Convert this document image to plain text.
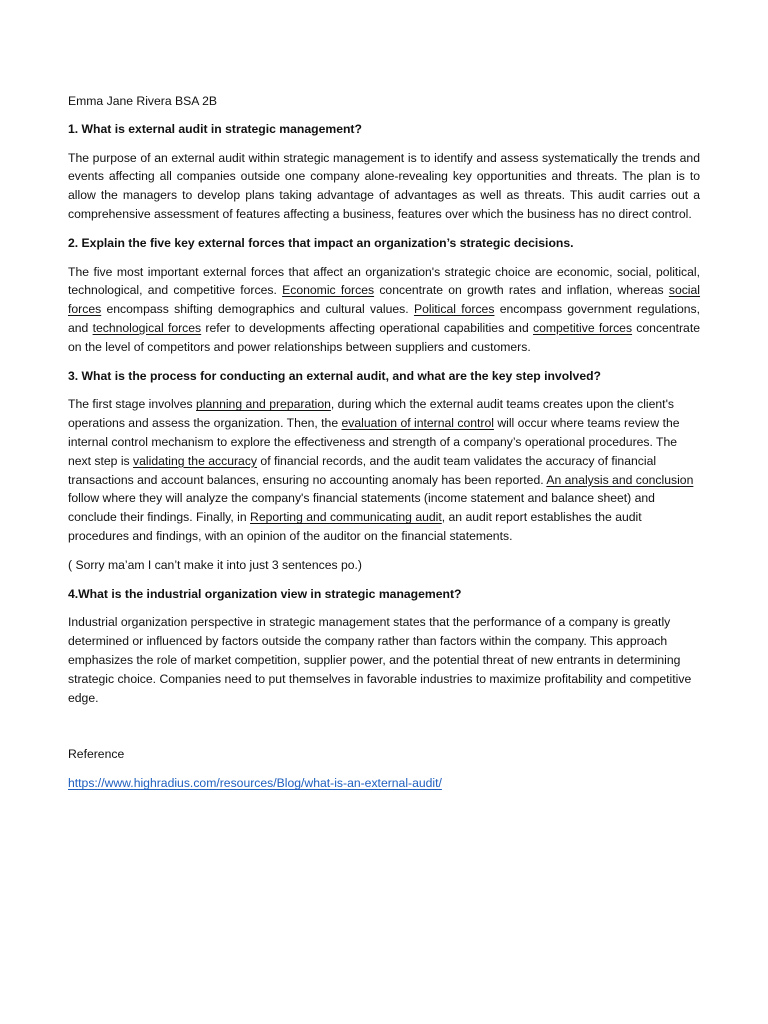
Emma Jane Rivera BSA 2B

1. What is external audit in strategic management?

The purpose of an external audit within strategic management is to identify and assess systematically the trends and events affecting all companies outside one company alone-revealing key opportunities and threats. The plan is to allow the managers to develop plans taking advantage of advantages as well as threats. This audit carries out a comprehensive assessment of features affecting a business, features over which the business has no direct control.

2. Explain the five key external forces that impact an organization’s strategic decisions.

The five most important external forces that affect an organization's strategic choice are economic, social, political, technological, and competitive forces. Economic forces concentrate on growth rates and inflation, whereas social forces encompass shifting demographics and cultural values. Political forces encompass government regulations, and technological forces refer to developments affecting operational capabilities and competitive forces concentrate on the level of competitors and power relationships between suppliers and customers.

3. What is the process for conducting an external audit, and what are the key step involved?

The first stage involves planning and preparation, during which the external audit teams creates upon the client's operations and assess the organization. Then, the evaluation of internal control will occur where teams review the internal control mechanism to explore the effectiveness and strength of a company’s operational procedures. The next step is validating the accuracy of financial records, and the audit team validates the accuracy of financial transactions and account balances, ensuring no accounting anomaly has been reported. An analysis and conclusion follow where they will analyze the company's financial statements (income statement and balance sheet) and conclude their findings. Finally, in Reporting and communicating audit, an audit report establishes the audit procedures and findings, with an opinion of the auditor on the financial statements.

( Sorry ma’am I can’t make it into just 3 sentences po.)

4.What is the industrial organization view in strategic management?

Industrial organization perspective in strategic management states that the performance of a company is greatly determined or influenced by factors outside the company rather than factors within the company. This approach emphasizes the role of market competition, supplier power, and the potential threat of new entrants in determining strategic choice. Companies need to put themselves in favorable industries to maximize profitability and competitive edge.

Reference

https://www.highradius.com/resources/Blog/what-is-an-external-audit/
